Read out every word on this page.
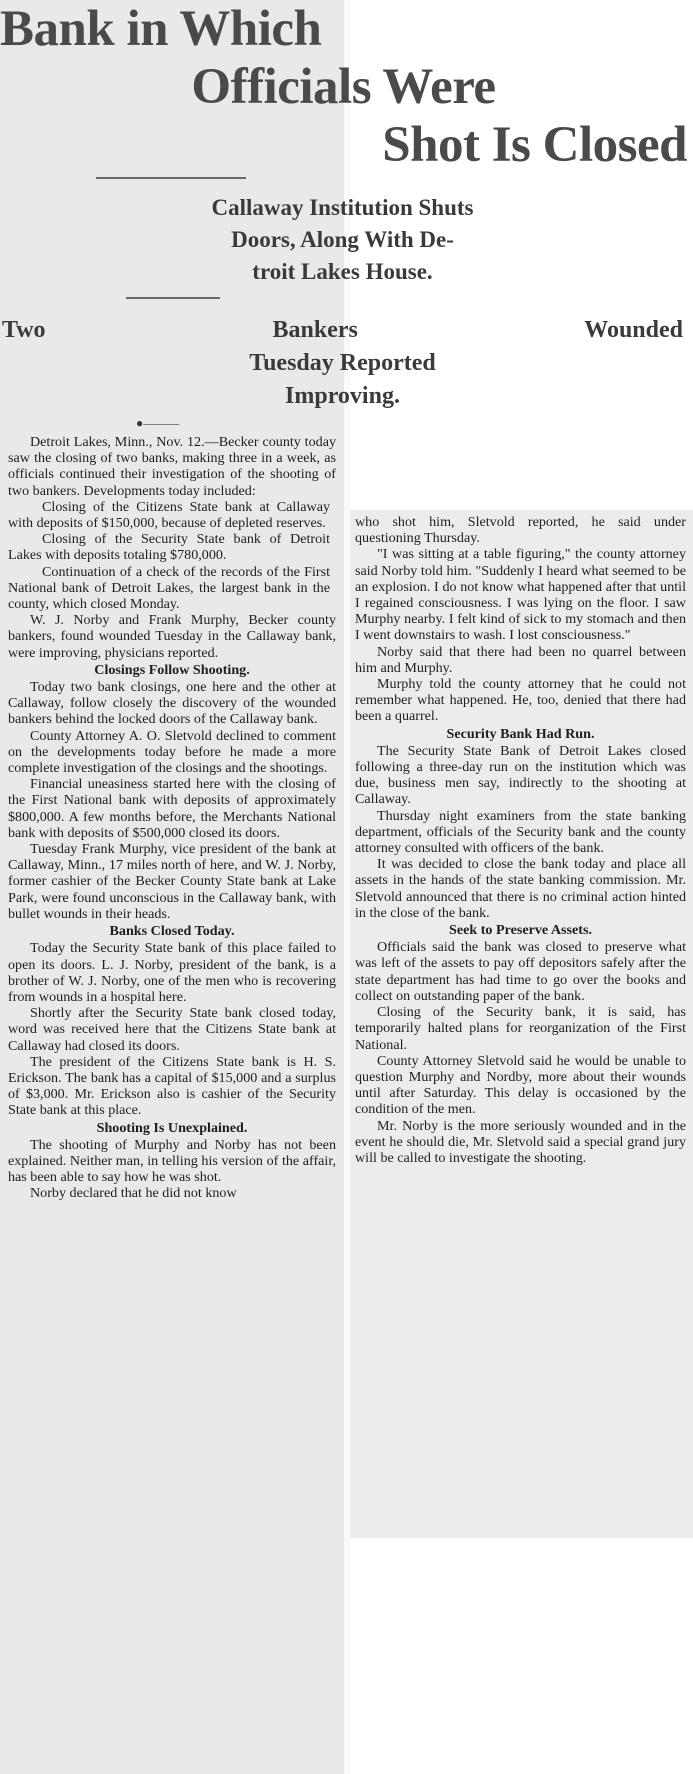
Bank in Which
Officials Were
Shot Is Closed
Callaway Institution Shuts
Doors, Along With De-
troit Lakes House.
Two Bankers Wounded
Tuesday Reported
Improving.
●———

Detroit Lakes, Minn., Nov. 12.—Becker county today saw the closing of two banks, making three in a week, as officials continued their investigation of the shooting of two bankers. Developments today included:

Closing of the Citizens State bank at Callaway with deposits of $150,000, because of depleted reserves.

Closing of the Security State bank of Detroit Lakes with deposits totaling $780,000.

Continuation of a check of the records of the First National bank of Detroit Lakes, the largest bank in the county, which closed Monday.

W. J. Norby and Frank Murphy, Becker county bankers, found wounded Tuesday in the Callaway bank, were improving, physicians reported.

Closings Follow Shooting.

Today two bank closings, one here and the other at Callaway, follow closely the discovery of the wounded bankers behind the locked doors of the Callaway bank.

County Attorney A. O. Sletvold declined to comment on the developments today before he made a more complete investigation of the closings and the shootings.

Financial uneasiness started here with the closing of the First National bank with deposits of approximately $800,000. A few months before, the Merchants National bank with deposits of $500,000 closed its doors.

Tuesday Frank Murphy, vice president of the bank at Callaway, Minn., 17 miles north of here, and W. J. Norby, former cashier of the Becker County State bank at Lake Park, were found unconscious in the Callaway bank, with bullet wounds in their heads.

Banks Closed Today.

Today the Security State bank of this place failed to open its doors. L. J. Norby, president of the bank, is a brother of W. J. Norby, one of the men who is recovering from wounds in a hospital here.

Shortly after the Security State bank closed today, word was received here that the Citizens State bank at Callaway had closed its doors.

The president of the Citizens State bank is H. S. Erickson. The bank has a capital of $15,000 and a surplus of $3,000. Mr. Erickson also is cashier of the Security State bank at this place.

Shooting Is Unexplained.

The shooting of Murphy and Norby has not been explained. Neither man, in telling his version of the affair, has been able to say how he was shot.

Norby declared that he did not know

who shot him, Sletvold reported, he said under questioning Thursday.

"I was sitting at a table figuring," the county attorney said Norby told him. "Suddenly I heard what seemed to be an explosion. I do not know what happened after that until I regained consciousness. I was lying on the floor. I saw Murphy nearby. I felt kind of sick to my stomach and then I went downstairs to wash. I lost consciousness."

Norby said that there had been no quarrel between him and Murphy.

Murphy told the county attorney that he could not remember what happened. He, too, denied that there had been a quarrel.

Security Bank Had Run.

The Security State Bank of Detroit Lakes closed following a three-day run on the institution which was due, business men say, indirectly to the shooting at Callaway.

Thursday night examiners from the state banking department, officials of the Security bank and the county attorney consulted with officers of the bank.

It was decided to close the bank today and place all assets in the hands of the state banking commission. Mr. Sletvold announced that there is no criminal action hinted in the close of the bank.

Seek to Preserve Assets.

Officials said the bank was closed to preserve what was left of the assets to pay off depositors safely after the state department has had time to go over the books and collect on outstanding paper of the bank.

Closing of the Security bank, it is said, has temporarily halted plans for reorganization of the First National.

County Attorney Sletvold said he would be unable to question Murphy and Nordby, more about their wounds until after Saturday. This delay is occasioned by the condition of the men.

Mr. Norby is the more seriously wounded and in the event he should die, Mr. Sletvold said a special grand jury will be called to investigate the shooting.
